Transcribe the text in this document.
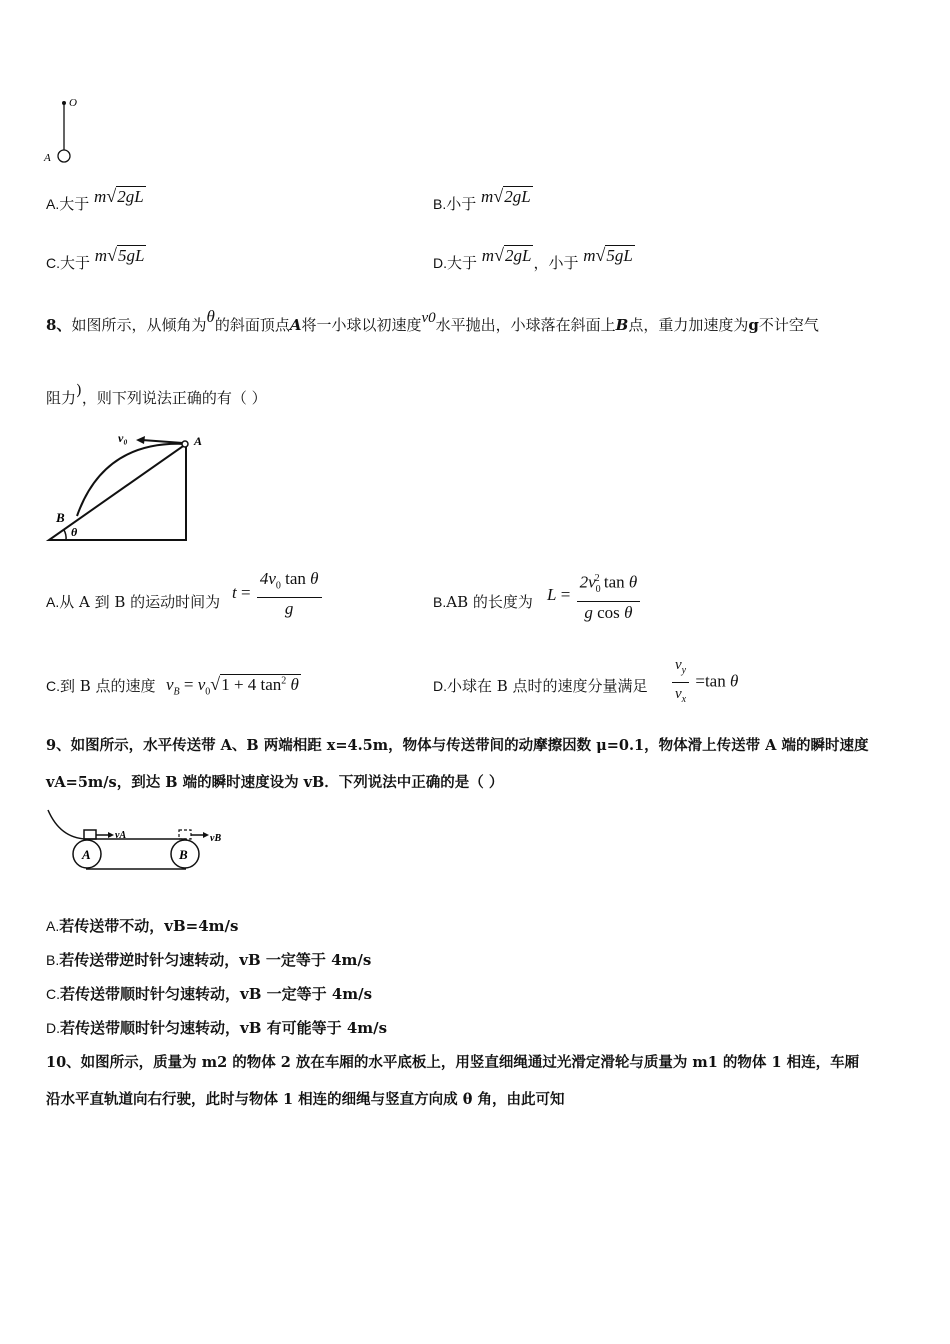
O
A
A.大于 m√2gL	B.小于 m√2gL
C.大于 m√5gL	D.大于 m√2gL ，小于 m√5gL
8、如图所示，从倾角为θ的斜面顶点A将一小球以初速度v0水平抛出，小球落在斜面上B点，重力加速度为g不计空气
阻力)，则下列说法正确的有（ ）
v₀	A
B
θ
A.从 A 到 B 的运动时间为 $t = \frac{4v_0 \tan \theta}{g}$	B.AB 的长度为 $L = \frac{2v_0^2 \tan \theta}{\text{g cos θ}}$
C.到 B 点的速度 $v_B = v_0√1 + 4$ $\tan^2 \theta$	D.小球在 B 点时的速度分量满足 $\frac{v_y}{v_x} =\tan$ θ
9、如图所示，水平传送带 A、B 两端相距 x=4.5m，物体与传送带间的动摩擦因数 μ=0.1，物体滑上传送带 A 端的瞬时速度
vA=5m/s，到达 B 端的瞬时速度设为 vB．下列说法中正确的是（ ）
A	B
vA	vB
A.若传送带不动，vB=4m/s
B.若传送带逆时针匀速转动，vB 一定等于 4m/s
C.若传送带顺时针匀速转动，vB 一定等于 4m/s
D.若传送带顺时针匀速转动，vB 有可能等于 4m/s
10、如图所示，质量为 m2 的物体 2 放在车厢的水平底板上，用竖直细绳通过光滑定滑轮与质量为 m1 的物体 1 相连，车厢
沿水平直轨道向右行驶，此时与物体 1 相连的细绳与竖直方向成 θ 角，由此可知
